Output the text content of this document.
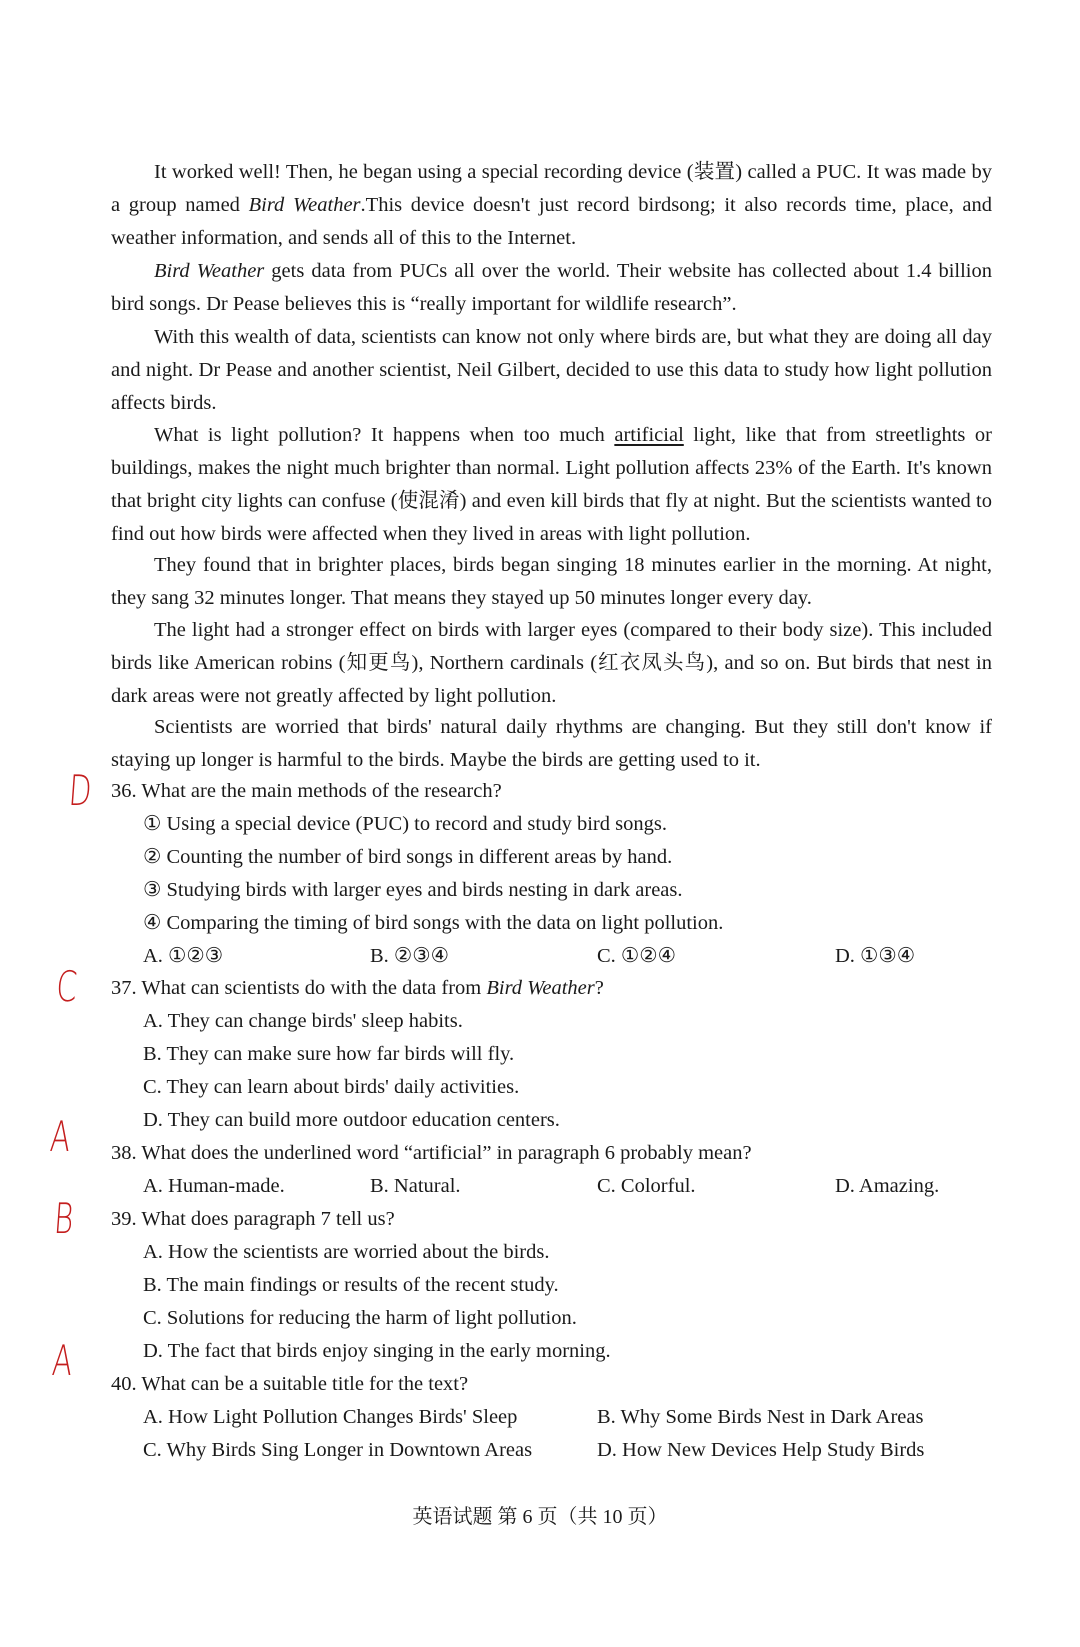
It worked well! Then, he began using a special recording device (装置) called a PUC. It was made by a group named Bird Weather.This device doesn't just record birdsong; it also records time, place, and weather information, and sends all of this to the Internet.

Bird Weather gets data from PUCs all over the world. Their website has collected about 1.4 billion bird songs. Dr Pease believes this is “really important for wildlife research”.

With this wealth of data, scientists can know not only where birds are, but what they are doing all day and night. Dr Pease and another scientist, Neil Gilbert, decided to use this data to study how light pollution affects birds.

What is light pollution? It happens when too much artificial light, like that from streetlights or buildings, makes the night much brighter than normal. Light pollution affects 23% of the Earth. It's known that bright city lights can confuse (使混淆) and even kill birds that fly at night. But the scientists wanted to find out how birds were affected when they lived in areas with light pollution.

They found that in brighter places, birds began singing 18 minutes earlier in the morning. At night, they sang 32 minutes longer. That means they stayed up 50 minutes longer every day.

The light had a stronger effect on birds with larger eyes (compared to their body size). This included birds like American robins (知更鸟), Northern cardinals (红衣凤头鸟), and so on. But birds that nest in dark areas were not greatly affected by light pollution.

Scientists are worried that birds' natural daily rhythms are changing. But they still don't know if staying up longer is harmful to the birds. Maybe the birds are getting used to it.

36. What are the main methods of the research?
① Using a special device (PUC) to record and study bird songs.
② Counting the number of bird songs in different areas by hand.
③ Studying birds with larger eyes and birds nesting in dark areas.
④ Comparing the timing of bird songs with the data on light pollution.
A. ①②③	B. ②③④	C. ①②④	D. ①③④
37. What can scientists do with the data from Bird Weather?
A. They can change birds' sleep habits.
B. They can make sure how far birds will fly.
C. They can learn about birds' daily activities.
D. They can build more outdoor education centers.
38. What does the underlined word “artificial” in paragraph 6 probably mean?
A. Human-made.	B. Natural.	C. Colorful.	D. Amazing.
39. What does paragraph 7 tell us?
A. How the scientists are worried about the birds.
B. The main findings or results of the recent study.
C. Solutions for reducing the harm of light pollution.
D. The fact that birds enjoy singing in the early morning.
40. What can be a suitable title for the text?
A. How Light Pollution Changes Birds' Sleep	B. Why Some Birds Nest in Dark Areas
C. Why Birds Sing Longer in Downtown Areas	D. How New Devices Help Study Birds
D
C
A
B
A
英语试题 第 6 页（共 10 页）
